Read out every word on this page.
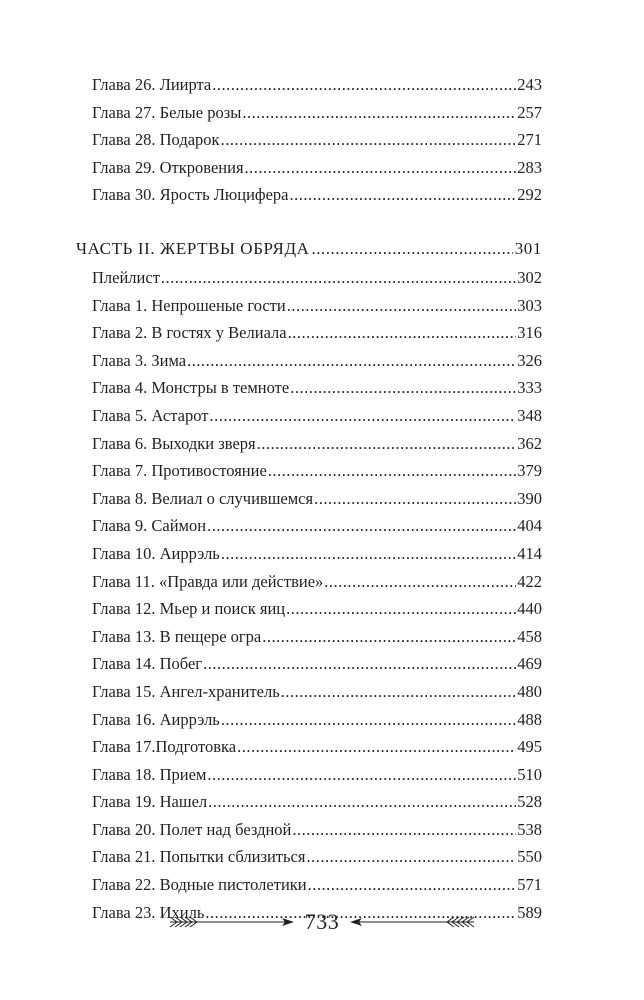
Глава 26. Лиирта .....	243
Глава 27. Белые розы .....	257
Глава 28. Подарок .....	271
Глава 29. Откровения .....	283
Глава 30. Ярость Люцифера .....	292
ЧАСТЬ II. ЖЕРТВЫ ОБРЯДА .....	301
Плейлист .....	302
Глава 1. Непрошеные гости .....	303
Глава 2. В гостях у Велиала .....	316
Глава 3. Зима .....	326
Глава 4. Монстры в темноте .....	333
Глава 5. Астарот .....	348
Глава 6. Выходки зверя .....	362
Глава 7. Противостояние .....	379
Глава 8. Велиал о случившемся .....	390
Глава 9. Саймон .....	404
Глава 10. Аиррэль .....	414
Глава 11. «Правда или действие» .....	422
Глава 12. Мьер и поиск яиц .....	440
Глава 13. В пещере огра .....	458
Глава 14. Побег .....	469
Глава 15. Ангел-хранитель .....	480
Глава 16. Аиррэль .....	488
Глава 17.Подготовка .....	495
Глава 18. Прием .....	510
Глава 19. Нашел .....	528
Глава 20. Полет над бездной .....	538
Глава 21. Попытки сблизиться .....	550
Глава 22. Водные пистолетики .....	571
Глава 23. Ихиль .....	589
733
